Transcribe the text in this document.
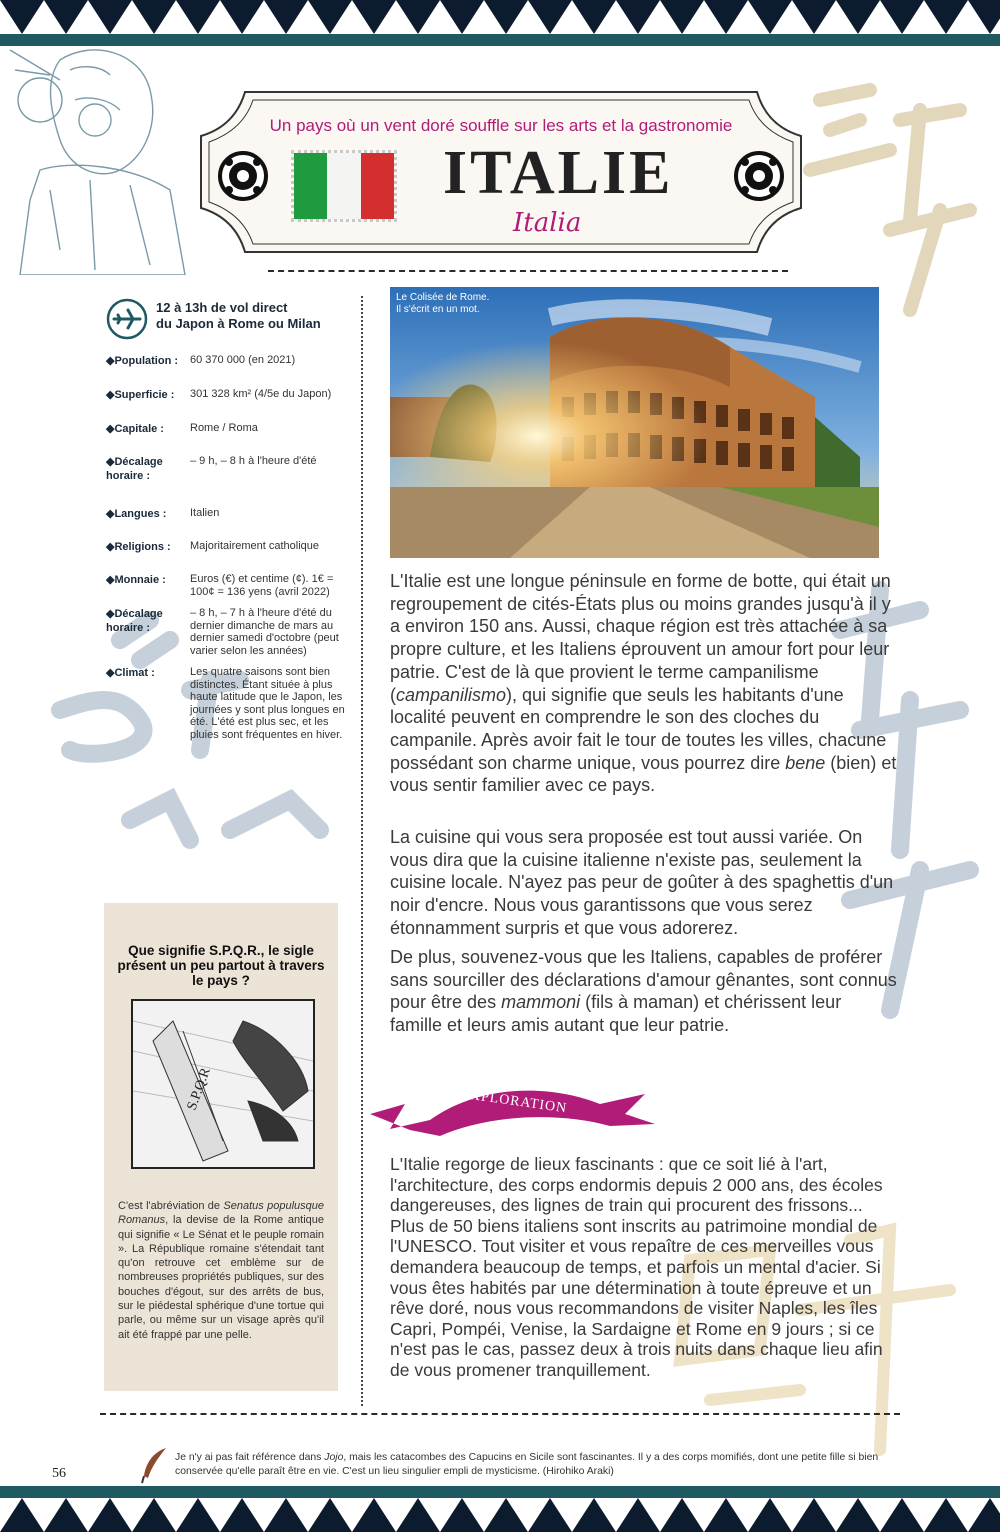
Un pays où un vent doré souffle sur les arts et la gastronomie
ITALIE
Italia
12 à 13h de vol direct
du Japon à Rome ou Milan
◆Population :	60 370 000 (en 2021)
◆Superficie :	301 328 km² (4/5e du Japon)
◆Capitale :	Rome / Roma
◆Décalage horaire :
– 9 h, – 8 h à l'heure d'été
◆Langues :	Italien
◆Religions :	Majoritairement catholique
◆Monnaie :	Euros (€) et centime (¢). 1€ = 100¢ = 136 yens (avril 2022)
◆Décalage horaire :
– 8 h, – 7 h à l'heure d'été du dernier dimanche de mars au dernier samedi d'octobre (peut varier selon les années)
◆Climat :	Les quatre saisons sont bien distinctes. Étant située à plus haute latitude que le Japon, les journées y sont plus longues en été. L'été est plus sec, et les pluies sont fréquentes en hiver.
Que signifie S.P.Q.R., le sigle présent un peu partout à travers le pays ?
S.P.Q.R
C'est l'abréviation de Senatus populusque Romanus, la devise de la Rome antique qui signifie « Le Sénat et le peuple romain ». La République romaine s'étendait tant qu'on retrouve cet emblème sur de nombreuses propriétés publiques, sur des bouches d'égout, sur des arrêts de bus, sur le piédestal sphérique d'une tortue qui parle, ou même sur un visage après qu'il ait été frappé par une pelle.
Le Colisée de Rome.
Il s'écrit en un mot.
L'Italie est une longue péninsule en forme de botte, qui était un regroupement de cités-États plus ou moins grandes jusqu'à il y a environ 150 ans. Aussi, chaque région est très attachée à sa propre culture, et les Italiens éprouvent un amour fort pour leur patrie. C'est de là que provient le terme campanilisme (campanilismo), qui signifie que seuls les habitants d'une localité peuvent en comprendre le son des cloches du campanile. Après avoir fait le tour de toutes les villes, chacune possédant son charme unique, vous pourrez dire bene (bien) et vous sentir familier avec ce pays.
La cuisine qui vous sera proposée est tout aussi variée. On vous dira que la cuisine italienne n'existe pas, seulement la cuisine locale. N'ayez pas peur de goûter à des spaghettis d'un noir d'encre. Nous vous garantissons que vous serez étonnamment surpris et que vous adorerez.
De plus, souvenez-vous que les Italiens, capables de proférer sans sourciller des déclarations d'amour gênantes, sont connus pour être des mammoni (fils à maman) et chérissent leur famille et leurs amis autant que leur patrie.
EXPLORATION
L'Italie regorge de lieux fascinants : que ce soit lié à l'art, l'architecture, des corps endormis depuis 2 000 ans, des écoles dangereuses, des lignes de train qui procurent des frissons... Plus de 50 biens italiens sont inscrits au patrimoine mondial de l'UNESCO. Tout visiter et vous repaître de ces merveilles vous demandera beaucoup de temps, et parfois un mental d'acier. Si vous êtes habités par une détermination à toute épreuve et un rêve doré, nous vous recommandons de visiter Naples, les îles Capri, Pompéi, Venise, la Sardaigne et Rome en 9 jours ; si ce n'est pas le cas, passez deux à trois nuits dans chaque lieu afin de vous promener tranquillement.
56
Je n'y ai pas fait référence dans Jojo, mais les catacombes des Capucins en Sicile sont fascinantes. Il y a des corps momifiés, dont une petite fille si bien conservée qu'elle paraît être en vie. C'est un lieu singulier empli de mysticisme. (Hirohiko Araki)
